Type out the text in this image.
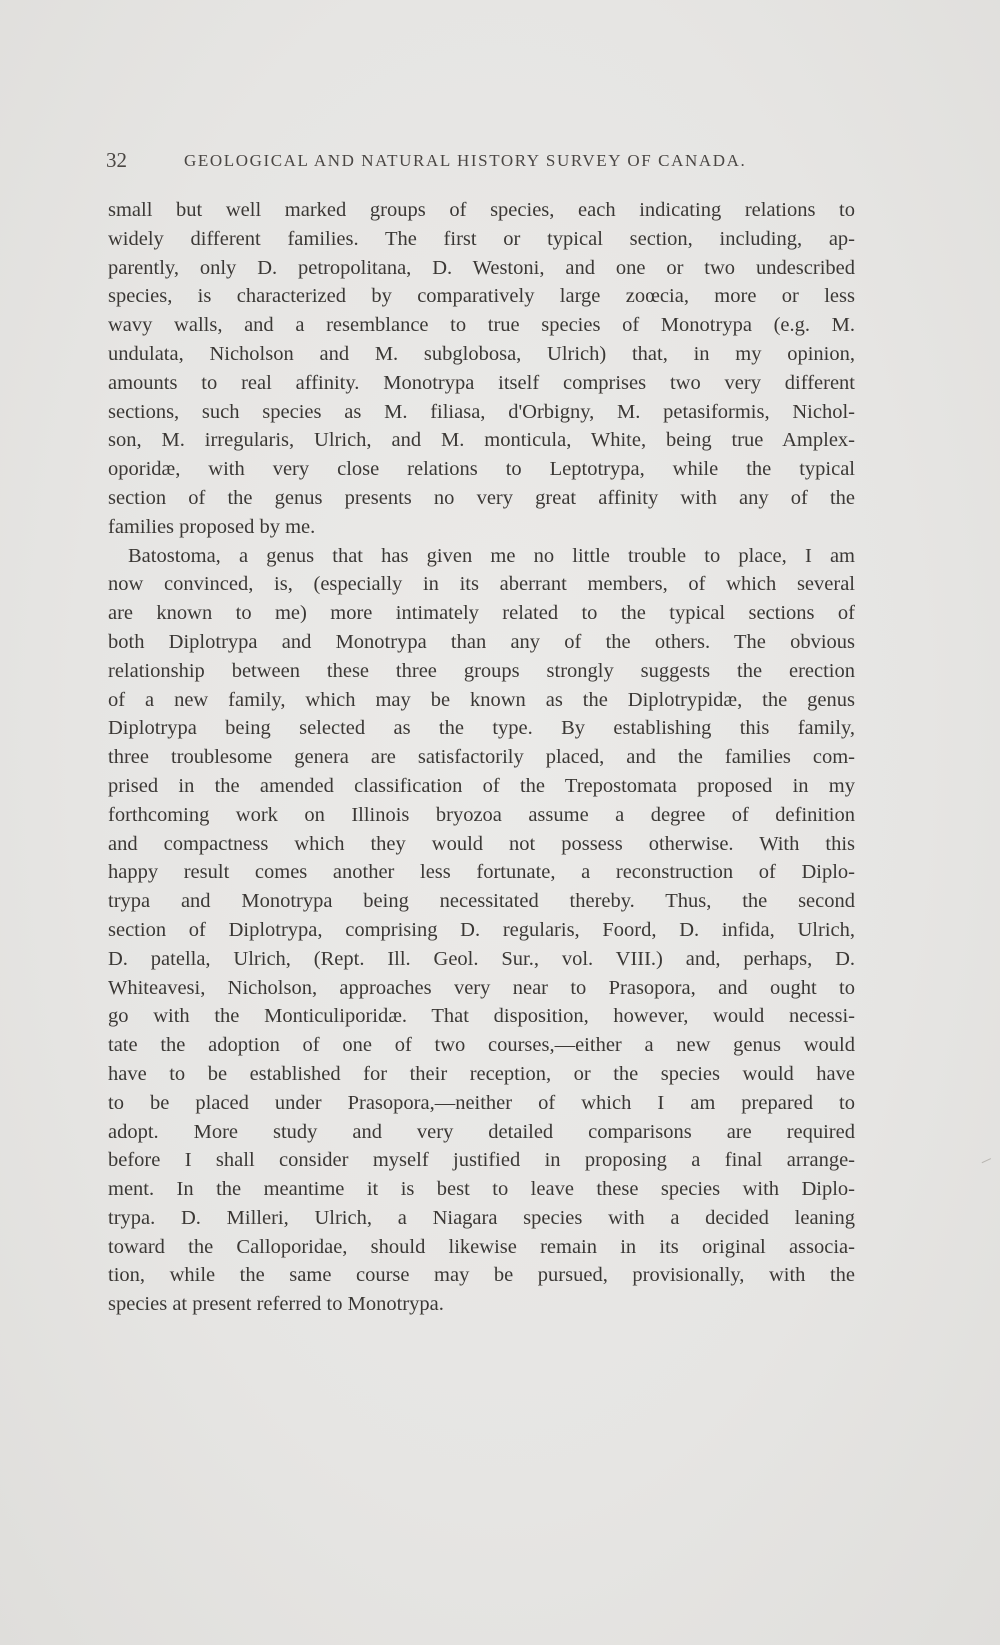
32	GEOLOGICAL AND NATURAL HISTORY SURVEY OF CANADA.
small but well marked groups of species, each indicating relations to
widely different families. The first or typical section, including, ap-
parently, only D. petropolitana, D. Westoni, and one or two undescribed
species, is characterized by comparatively large zoœcia, more or less
wavy walls, and a resemblance to true species of Monotrypa (e.g. M.
undulata, Nicholson and M. subglobosa, Ulrich) that, in my opinion,
amounts to real affinity. Monotrypa itself comprises two very different
sections, such species as M. filiasa, d'Orbigny, M. petasiformis, Nichol-
son, M. irregularis, Ulrich, and M. monticula, White, being true Amplex-
oporidæ, with very close relations to Leptotrypa, while the typical
section of the genus presents no very great affinity with any of the
families proposed by me.
Batostoma, a genus that has given me no little trouble to place, I am
now convinced, is, (especially in its aberrant members, of which several
are known to me) more intimately related to the typical sections of
both Diplotrypa and Monotrypa than any of the others. The obvious
relationship between these three groups strongly suggests the erection
of a new family, which may be known as the Diplotrypidæ, the genus
Diplotrypa being selected as the type. By establishing this family,
three troublesome genera are satisfactorily placed, and the families com-
prised in the amended classification of the Trepostomata proposed in my
forthcoming work on Illinois bryozoa assume a degree of definition
and compactness which they would not possess otherwise. With this
happy result comes another less fortunate, a reconstruction of Diplo-
trypa and Monotrypa being necessitated thereby. Thus, the second
section of Diplotrypa, comprising D. regularis, Foord, D. infida, Ulrich,
D. patella, Ulrich, (Rept. Ill. Geol. Sur., vol. VIII.) and, perhaps, D.
Whiteavesi, Nicholson, approaches very near to Prasopora, and ought to
go with the Monticuliporidæ. That disposition, however, would necessi-
tate the adoption of one of two courses,—either a new genus would
have to be established for their reception, or the species would have
to be placed under Prasopora,—neither of which I am prepared to
adopt. More study and very detailed comparisons are required
before I shall consider myself justified in proposing a final arrange-
ment. In the meantime it is best to leave these species with Diplo-
trypa. D. Milleri, Ulrich, a Niagara species with a decided leaning
toward the Calloporidae, should likewise remain in its original associa-
tion, while the same course may be pursued, provisionally, with the
species at present referred to Monotrypa.
